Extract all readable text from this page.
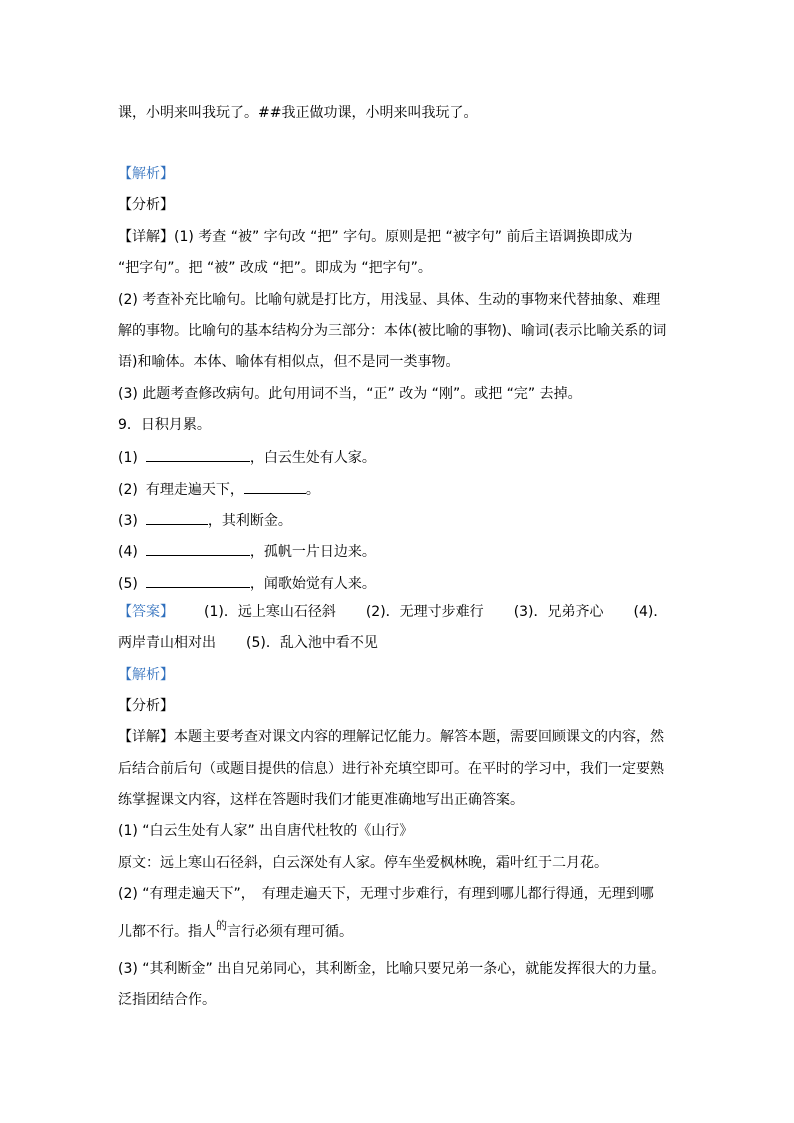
课，小明来叫我玩了。##我正做功课，小明来叫我玩了。
【解析】
【分析】
【详解】(1) 考查 “被” 字句改 “把” 字句。原则是把 “被字句” 前后主语调换即成为
“把字句”。把 “被” 改成 “把”。即成为 “把字句”。
(2) 考查补充比喻句。比喻句就是打比方，用浅显、具体、生动的事物来代替抽象、难理
解的事物。比喻句的基本结构分为三部分：本体(被比喻的事物)、喻词(表示比喻关系的词
语)和喻体。本体、喻体有相似点，但不是同一类事物。
(3) 此题考查修改病句。此句用词不当，“正” 改为 “刚”。或把 “完” 去掉。
9．日积月累。
(1)	，白云生处有人家。
(2) 有理走遍天下，	。
(3)	，其利断金。
(4)	，孤帆一片日边来。
(5)	，闻歌始觉有人来。
【答案】 (1)．远上寒山石径斜 (2)．无理寸步难行 (3)．兄弟齐心 (4)．
两岸青山相对出 (5)．乱入池中看不见
【解析】
【分析】
【详解】本题主要考查对课文内容的理解记忆能力。解答本题，需要回顾课文的内容，然
后结合前后句（或题目提供的信息）进行补充填空即可。在平时的学习中，我们一定要熟
练掌握课文内容，这样在答题时我们才能更准确地写出正确答案。
(1) “白云生处有人家” 出自唐代杜牧的《山行》
原文：远上寒山石径斜，白云深处有人家。停车坐爱枫林晚，霜叶红于二月花。
(2) “有理走遍天下”，　有理走遍天下，无理寸步难行，有理到哪儿都行得通，无理到哪
儿都不行。指人$^的$言行必须有理可循。
(3) “其利断金” 出自兄弟同心，其利断金，比喻只要兄弟一条心，就能发挥很大的力量。
泛指团结合作。
